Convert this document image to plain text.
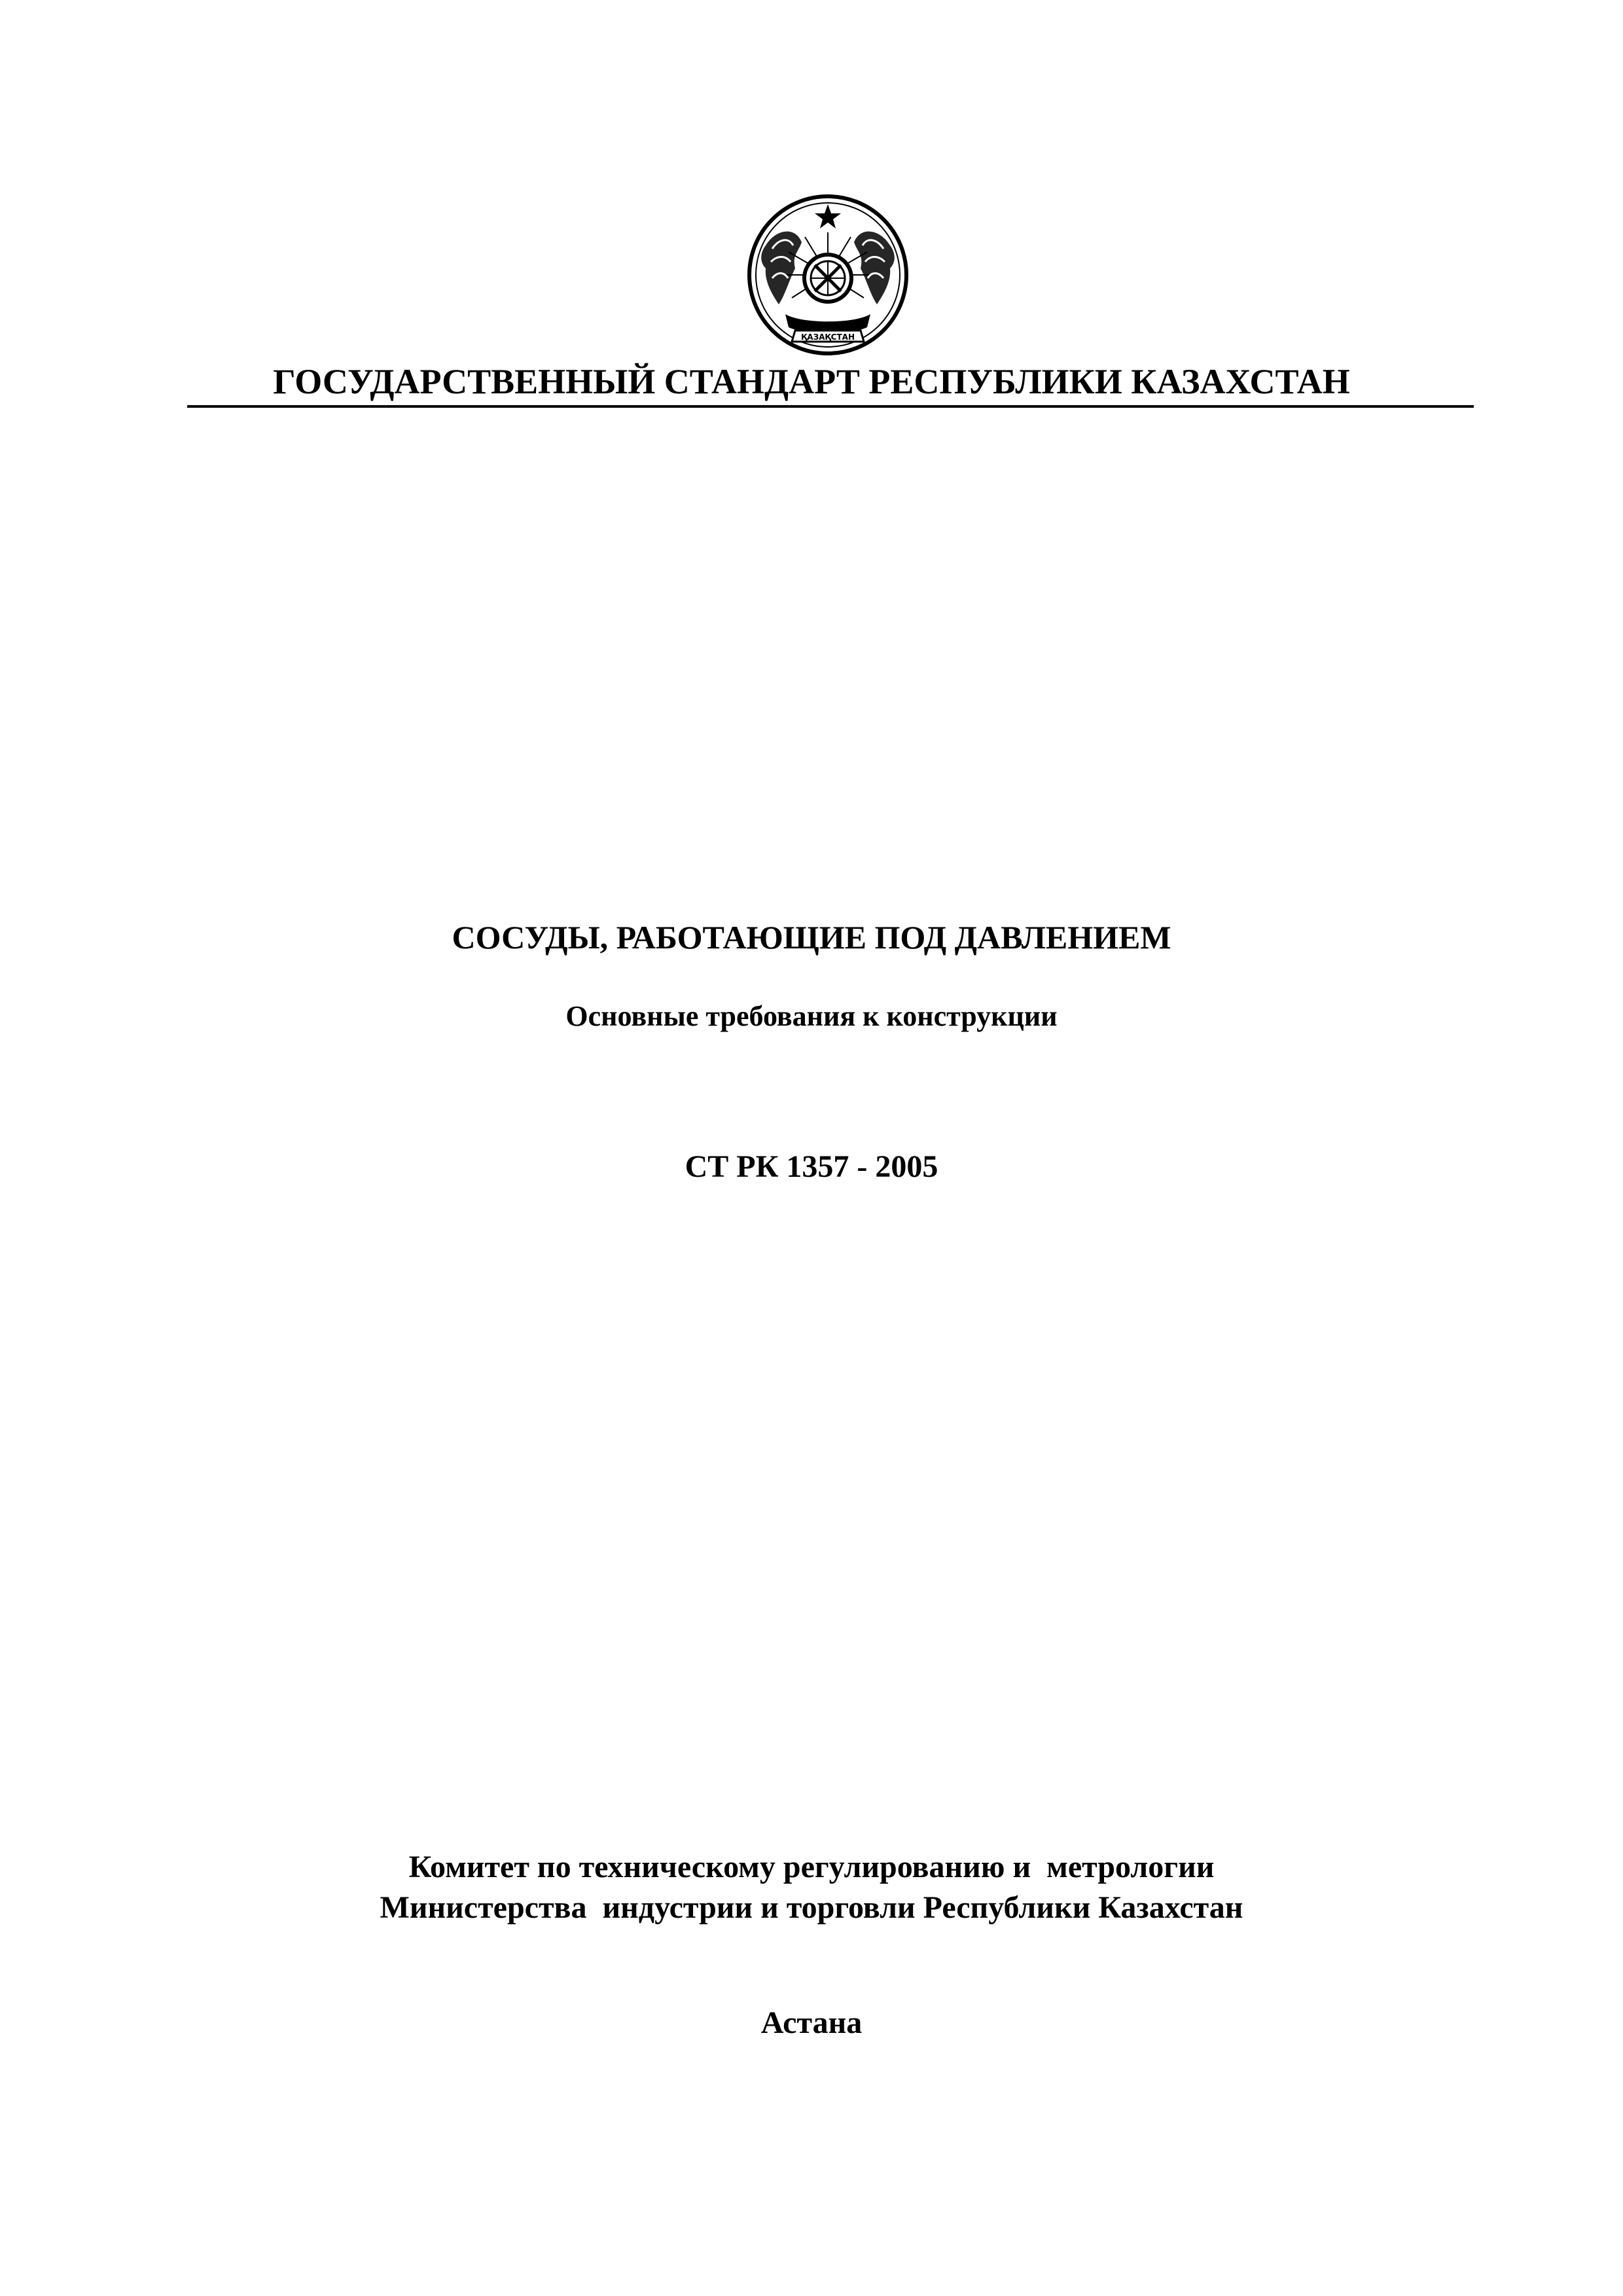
ҚАЗАҚСТАН
ГОСУДАРСТВЕННЫЙ СТАНДАРТ РЕСПУБЛИКИ КАЗАХСТАН
СОСУДЫ, РАБОТАЮЩИЕ ПОД ДАВЛЕНИЕМ
Основные требования к конструкции
СТ РК 1357 - 2005
Комитет по техническому регулированию и  метрологии
Министерства  индустрии и торговли Республики Казахстан
Астана
